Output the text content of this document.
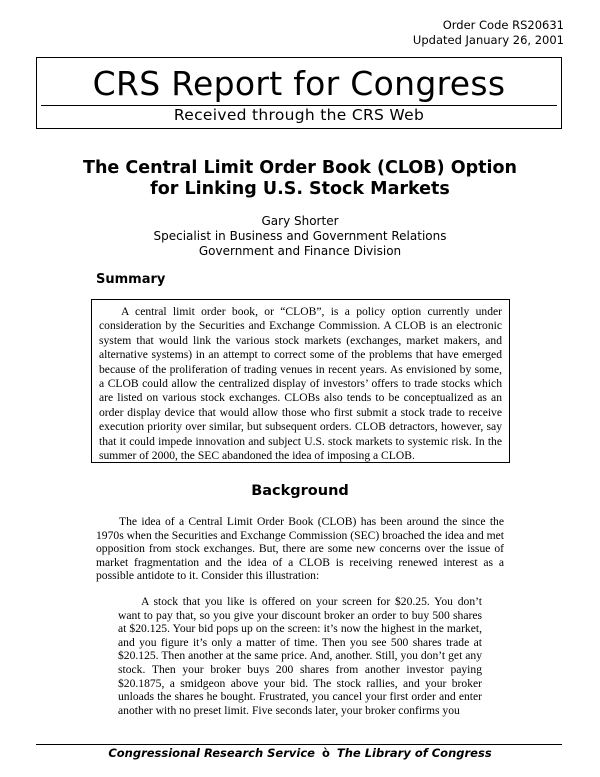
Order Code RS20631
Updated January 26, 2001
CRS Report for Congress
Received through the CRS Web
The Central Limit Order Book (CLOB) Option
for Linking U.S. Stock Markets
Gary Shorter
Specialist in Business and Government Relations
Government and Finance Division
Summary

A central limit order book, or “CLOB”, is a policy option currently under consideration by the Securities and Exchange Commission. A CLOB is an electronic system that would link the various stock markets (exchanges, market makers, and alternative systems) in an attempt to correct some of the problems that have emerged because of the proliferation of trading venues in recent years. As envisioned by some, a CLOB could allow the centralized display of investors’ offers to trade stocks which are listed on various stock exchanges. CLOBs also tends to be conceptualized as an order display device that would allow those who first submit a stock trade to receive execution priority over similar, but subsequent orders. CLOB detractors, however, say that it could impede innovation and subject U.S. stock markets to systemic risk. In the summer of 2000, the SEC abandoned the idea of imposing a CLOB.

Background

The idea of a Central Limit Order Book (CLOB) has been around the since the 1970s when the Securities and Exchange Commission (SEC) broached the idea and met opposition from stock exchanges. But, there are some new concerns over the issue of market fragmentation and the idea of a CLOB is receiving renewed interest as a possible antidote to it. Consider this illustration:

A stock that you like is offered on your screen for $20.25. You don’t want to pay that, so you give your discount broker an order to buy 500 shares at $20.125. Your bid pops up on the screen: it’s now the highest in the market, and you figure it’s only a matter of time. Then you see 500 shares trade at $20.125. Then another at the same price. And, another. Still, you don’t get any stock. Then your broker buys 200 shares from another investor paying $20.1875, a smidgeon above your bid. The stock rallies, and your broker unloads the shares he bought. Frustrated, you cancel your first order and enter another with no preset limit. Five seconds later, your broker confirms you

Congressional Research Service ò The Library of Congress
